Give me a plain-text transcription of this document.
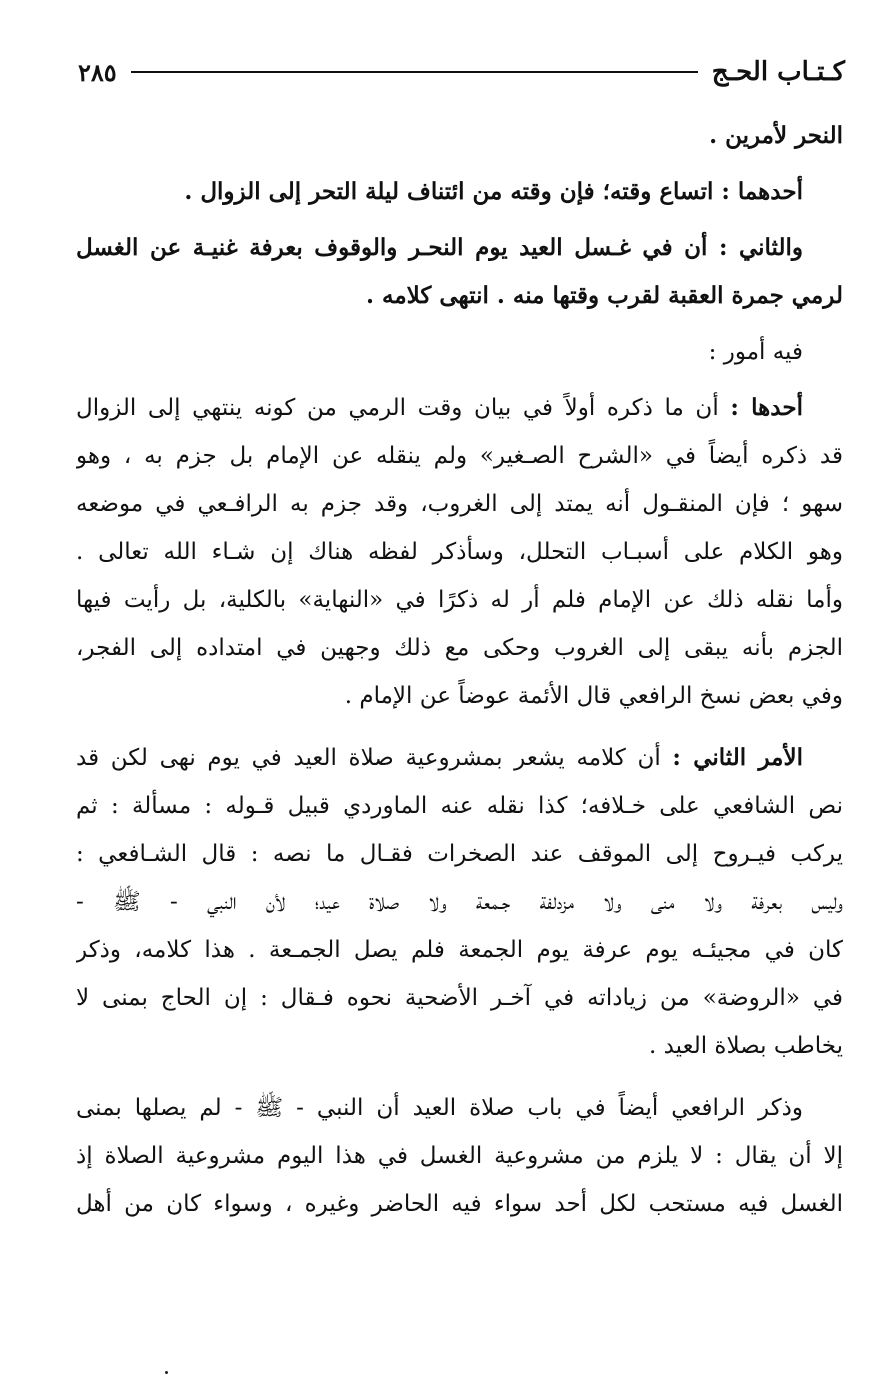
كـتـاب الحـج
٢٨٥
النحر لأمرين .
أحدهما : اتساع وقته؛ فإن وقته من ائتناف ليلة التحر إلى الزوال .
والثاني : أن في غـسل العيد يوم النحـر والوقوف بعرفة غنيـة عن الغسل
لرمي جمرة العقبة لقرب وقتها منه . انتهى كلامه .
فيه أمور :
أحدها : أن ما ذكره أولاً في بيان وقت الرمي من كونه ينتهي إلى الزوال
قد ذكره أيضاً في «الشرح الصـغير» ولم ينقله عن الإمام بل جزم به ، وهو
سهو ؛ فإن المنقـول أنه يمتد إلى الغروب، وقد جزم به الرافـعي في موضعه
وهو الكلام على أسبـاب التحلل، وسأذكر لفظه هناك إن شـاء الله تعالى .
وأما نقله ذلك عن الإمام فلم أر له ذكرًا في «النهاية» بالكلية، بل رأيت فيها
الجزم بأنه يبقى إلى الغروب وحكى مع ذلك وجهين في امتداده إلى الفجر،
وفي بعض نسخ الرافعي قال الأئمة عوضاً عن الإمام .
الأمر الثاني : أن كلامه يشعر بمشروعية صلاة العيد في يوم نهى لكن قد
نص الشافعي على خـلافه؛ كذا نقله عنه الماوردي قبيل قـوله : مسألة : ثم
يركب فيـروح إلى الموقف عند الصخرات فقـال ما نصه : قال الشـافعي :
وليس بعرفة ولا منى ولا مزدلفة جـمعة ولا صلاة عيد؛ لأن النبي - ﷺ -
كان في مجيئـه يوم عرفة يوم الجمعة فلم يصل الجمـعة . هذا كلامه، وذكر
في «الروضة» من زياداته في آخـر الأضحية نحوه فـقال : إن الحاج بمنى لا
يخاطب بصلاة العيد .
وذكر الرافعي أيضاً في باب صلاة العيد أن النبي - ﷺ - لم يصلها بمنى
إلا أن يقال : لا يلزم من مشروعية الغسل في هذا اليوم مشروعية الصلاة إذ
الغسل فيه مستحب لكل أحد سواء فيه الحاضر وغيره ، وسواء كان من أهل
